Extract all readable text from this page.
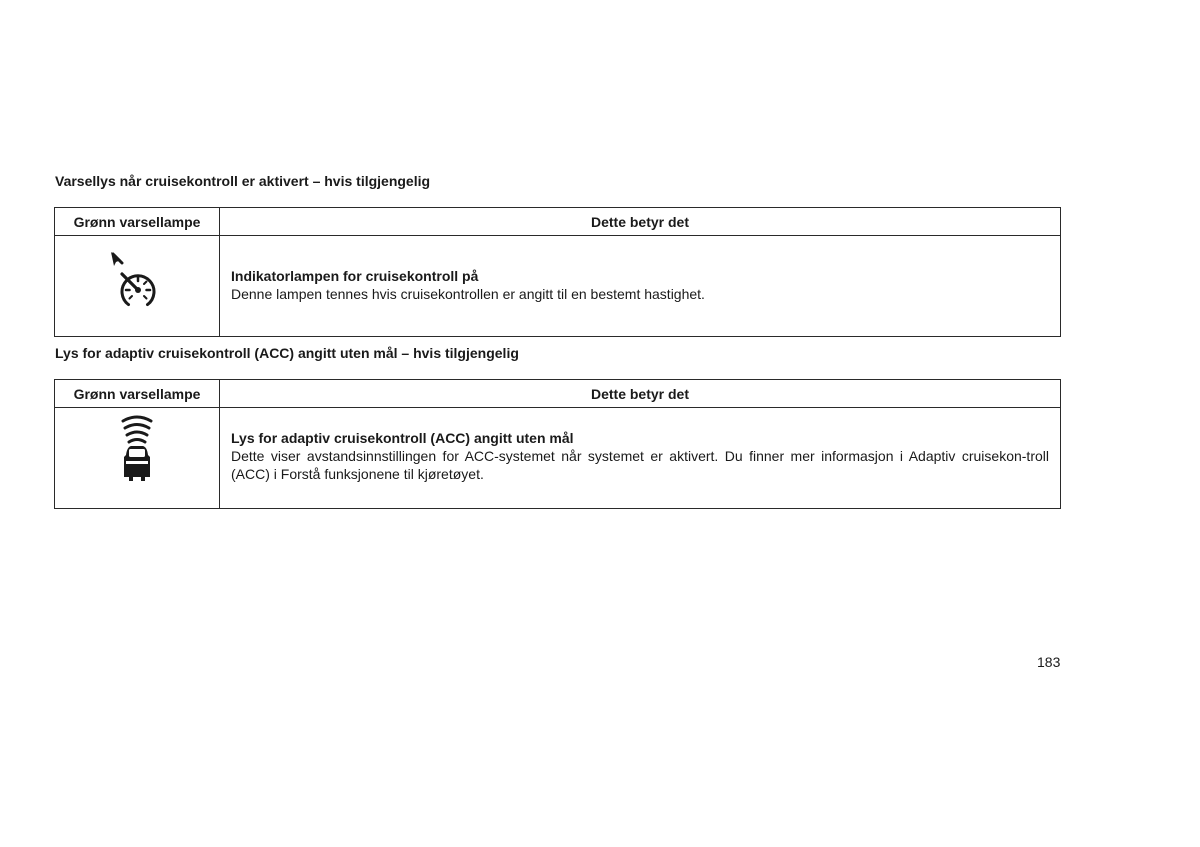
Varsellys når cruisekontroll er aktivert – hvis tilgjengelig
Grønn varsellampe	Dette betyr det

Indikatorlampen for cruisekontroll på
Denne lampen tennes hvis cruisekontrollen er angitt til en bestemt hastighet.
Lys for adaptiv cruisekontroll (ACC) angitt uten mål – hvis tilgjengelig
Grønn varsellampe	Dette betyr det

Lys for adaptiv cruisekontroll (ACC) angitt uten mål
Dette viser avstandsinnstillingen for ACC-systemet når systemet er aktivert. Du finner mer informasjon i Adaptiv cruisekon-troll (ACC) i Forstå funksjonene til kjøretøyet.
183
